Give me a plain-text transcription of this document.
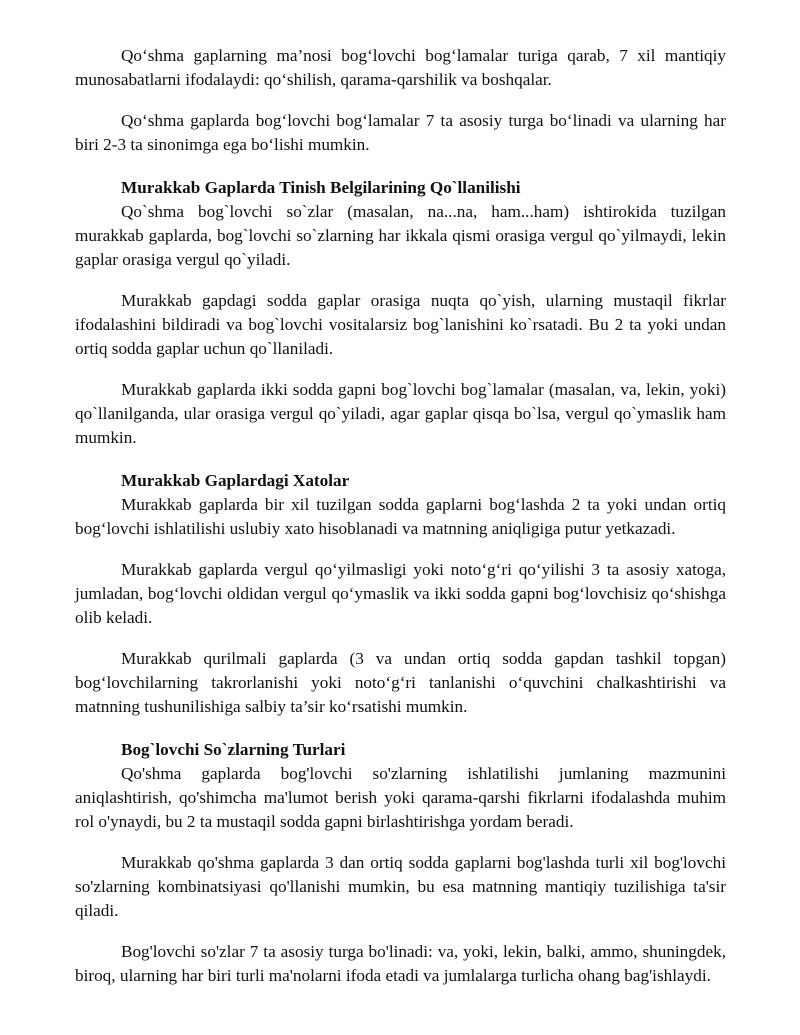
Qo‘shma gaplarning ma’nosi bog‘lovchi bog‘lamalar turiga qarab, 7 xil mantiqiy munosabatlarni ifodalaydi: qo‘shilish, qarama-qarshilik va boshqalar.

Qo‘shma gaplarda bog‘lovchi bog‘lamalar 7 ta asosiy turga bo‘linadi va ularning har biri 2-3 ta sinonimga ega bo‘lishi mumkin.

Murakkab Gaplarda Tinish Belgilarining Qo`llanilishi

Qo`shma bog`lovchi so`zlar (masalan, na...na, ham...ham) ishtirokida tuzilgan murakkab gaplarda, bog`lovchi so`zlarning har ikkala qismi orasiga vergul qo`yilmaydi, lekin gaplar orasiga vergul qo`yiladi.

Murakkab gapdagi sodda gaplar orasiga nuqta qo`yish, ularning mustaqil fikrlar ifodalashini bildiradi va bog`lovchi vositalarsiz bog`lanishini ko`rsatadi. Bu 2 ta yoki undan ortiq sodda gaplar uchun qo`llaniladi.

Murakkab gaplarda ikki sodda gapni bog`lovchi bog`lamalar (masalan, va, lekin, yoki) qo`llanilganda, ular orasiga vergul qo`yiladi, agar gaplar qisqa bo`lsa, vergul qo`ymaslik ham mumkin.

Murakkab Gaplardagi Xatolar

Murakkab gaplarda bir xil tuzilgan sodda gaplarni bog‘lashda 2 ta yoki undan ortiq bog‘lovchi ishlatilishi uslubiy xato hisoblanadi va matnning aniqligiga putur yetkazadi.

Murakkab gaplarda vergul qo‘yilmasligi yoki noto‘g‘ri qo‘yilishi 3 ta asosiy xatoga, jumladan, bog‘lovchi oldidan vergul qo‘ymaslik va ikki sodda gapni bog‘lovchisiz qo‘shishga olib keladi.

Murakkab qurilmali gaplarda (3 va undan ortiq sodda gapdan tashkil topgan) bog‘lovchilarning takrorlanishi yoki noto‘g‘ri tanlanishi o‘quvchini chalkashtirishi va matnning tushunilishiga salbiy ta’sir ko‘rsatishi mumkin.

Bog`lovchi So`zlarning Turlari

Qo'shma gaplarda bog'lovchi so'zlarning ishlatilishi jumlaning mazmunini aniqlashtirish, qo'shimcha ma'lumot berish yoki qarama-qarshi fikrlarni ifodalashda muhim rol o'ynaydi, bu 2 ta mustaqil sodda gapni birlashtirishga yordam beradi.

Murakkab qo'shma gaplarda 3 dan ortiq sodda gaplarni bog'lashda turli xil bog'lovchi so'zlarning kombinatsiyasi qo'llanishi mumkin, bu esa matnning mantiqiy tuzilishiga ta'sir qiladi.

Bog'lovchi so'zlar 7 ta asosiy turga bo'linadi: va, yoki, lekin, balki, ammo, shuningdek, biroq, ularning har biri turli ma'nolarni ifoda etadi va jumlalarga turlicha ohang bag'ishlaydi.
